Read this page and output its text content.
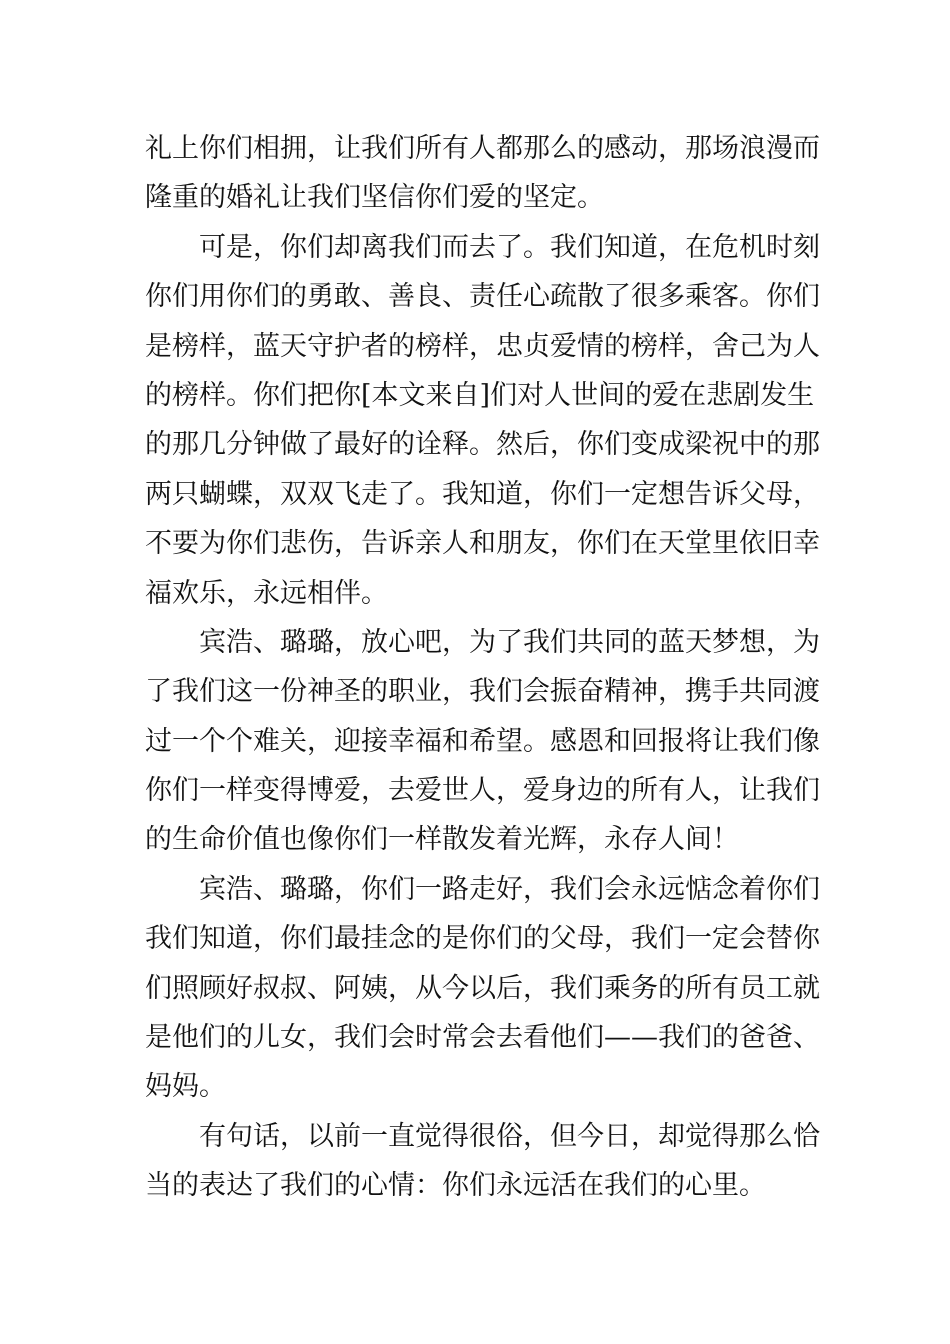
礼上你们相拥，让我们所有人都那么的感动，那场浪漫而
隆重的婚礼让我们坚信你们爱的坚定。
可是，你们却离我们而去了。我们知道，在危机时刻
你们用你们的勇敢、善良、责任心疏散了很多乘客。你们
是榜样，蓝天守护者的榜样，忠贞爱情的榜样，舍己为人
的榜样。你们把你[本文来自]们对人世间的爱在悲剧发生
的那几分钟做了最好的诠释。然后，你们变成梁祝中的那
两只蝴蝶，双双飞走了。我知道，你们一定想告诉父母，
不要为你们悲伤，告诉亲人和朋友，你们在天堂里依旧幸
福欢乐，永远相伴。
宾浩、璐璐，放心吧，为了我们共同的蓝天梦想，为
了我们这一份神圣的职业，我们会振奋精神，携手共同渡
过一个个难关，迎接幸福和希望。感恩和回报将让我们像
你们一样变得博爱，去爱世人，爱身边的所有人，让我们
的生命价值也像你们一样散发着光辉，永存人间！
宾浩、璐璐，你们一路走好，我们会永远惦念着你们
我们知道，你们最挂念的是你们的父母，我们一定会替你
们照顾好叔叔、阿姨，从今以后，我们乘务的所有员工就
是他们的儿女，我们会时常会去看他们——我们的爸爸、
妈妈。
有句话，以前一直觉得很俗，但今日，却觉得那么恰
当的表达了我们的心情：你们永远活在我们的心里。
